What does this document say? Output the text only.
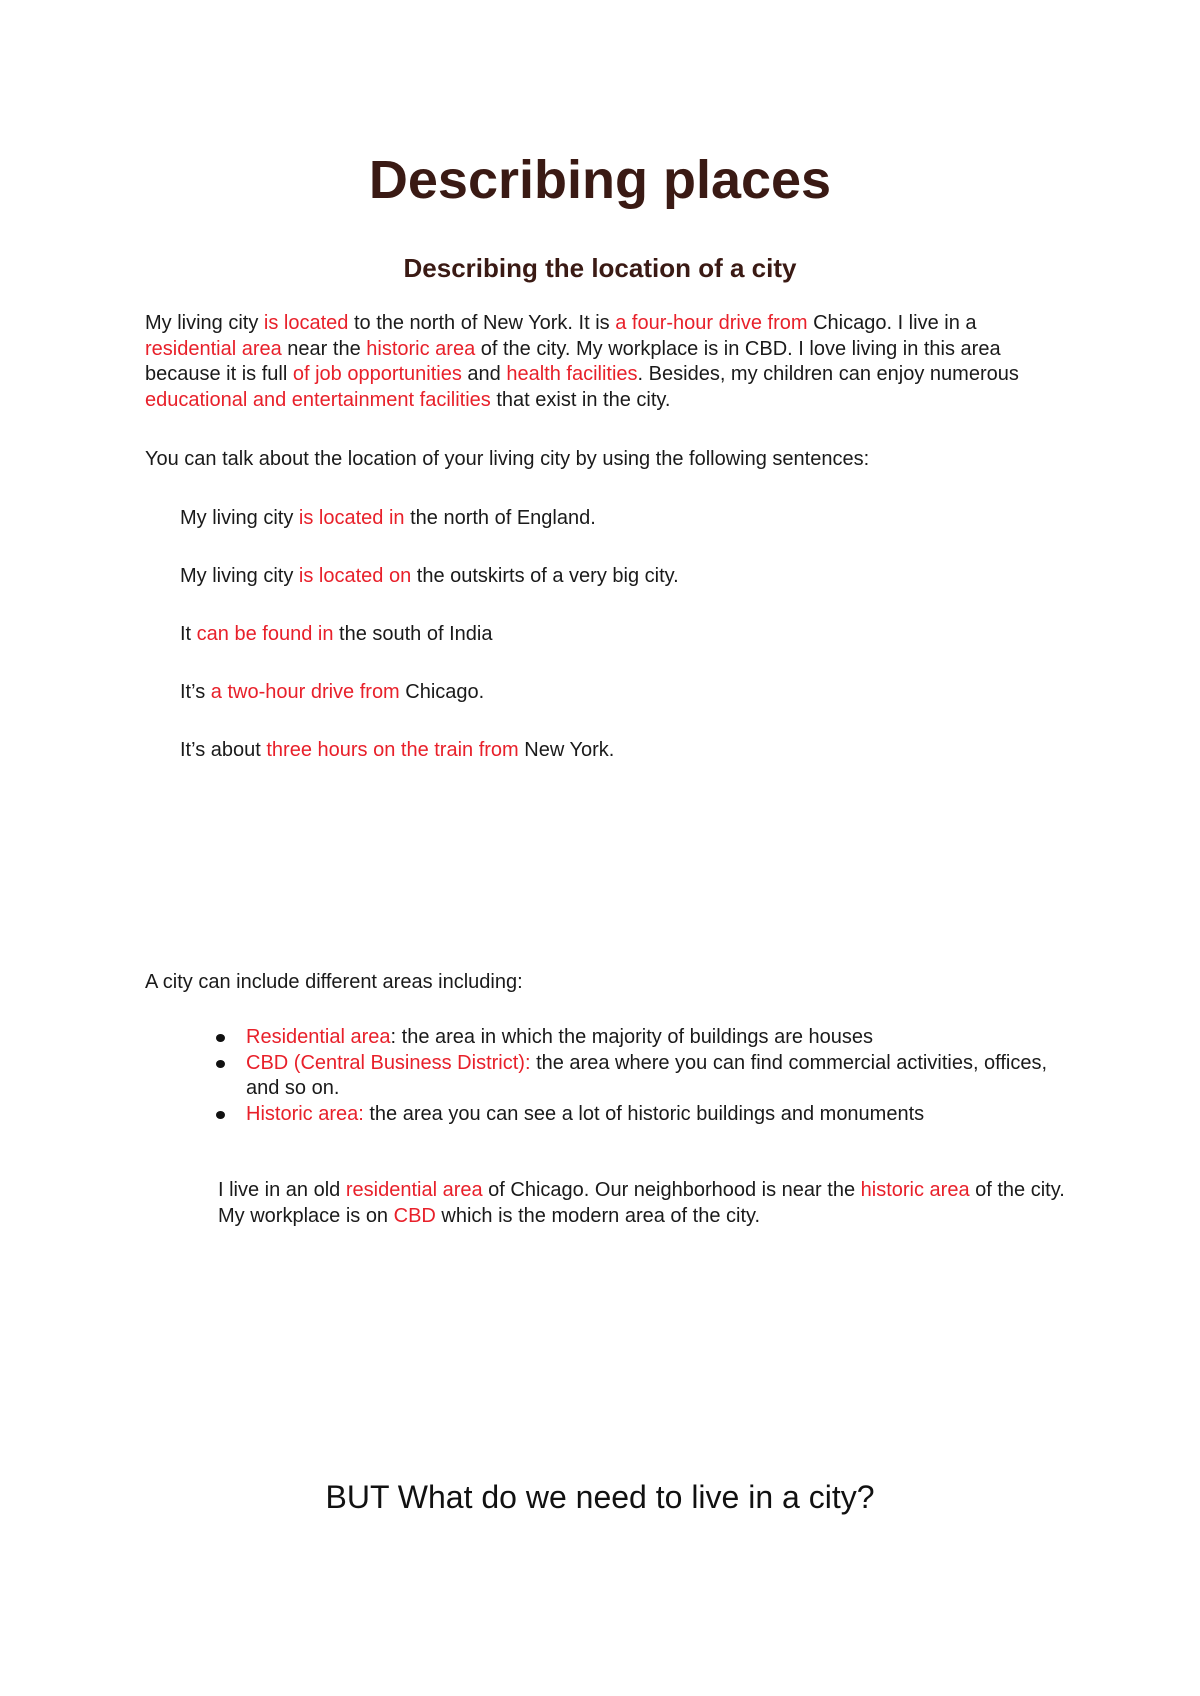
Describing places
Describing the location of a city

My living city is located to the north of New York. It is a four-hour drive from Chicago. I live in a residential area near the historic area of the city. My workplace is in CBD. I love living in this area because it is full of job opportunities and health facilities. Besides, my children can enjoy numerous educational and entertainment facilities that exist in the city.

You can talk about the location of your living city by using the following sentences:

My living city is located in the north of England.

My living city is located on the outskirts of a very big city.

It can be found in the south of India

It’s a two-hour drive from Chicago.

It’s about three hours on the train from New York.

A city can include different areas including:

Residential area: the area in which the majority of buildings are houses
CBD (Central Business District): the area where you can find commercial activities, offices, and so on.
Historic area: the area you can see a lot of historic buildings and monuments

I live in an old residential area of Chicago. Our neighborhood is near the historic area of the city. My workplace is on CBD which is the modern area of the city.

BUT What do we need to live in a city?
